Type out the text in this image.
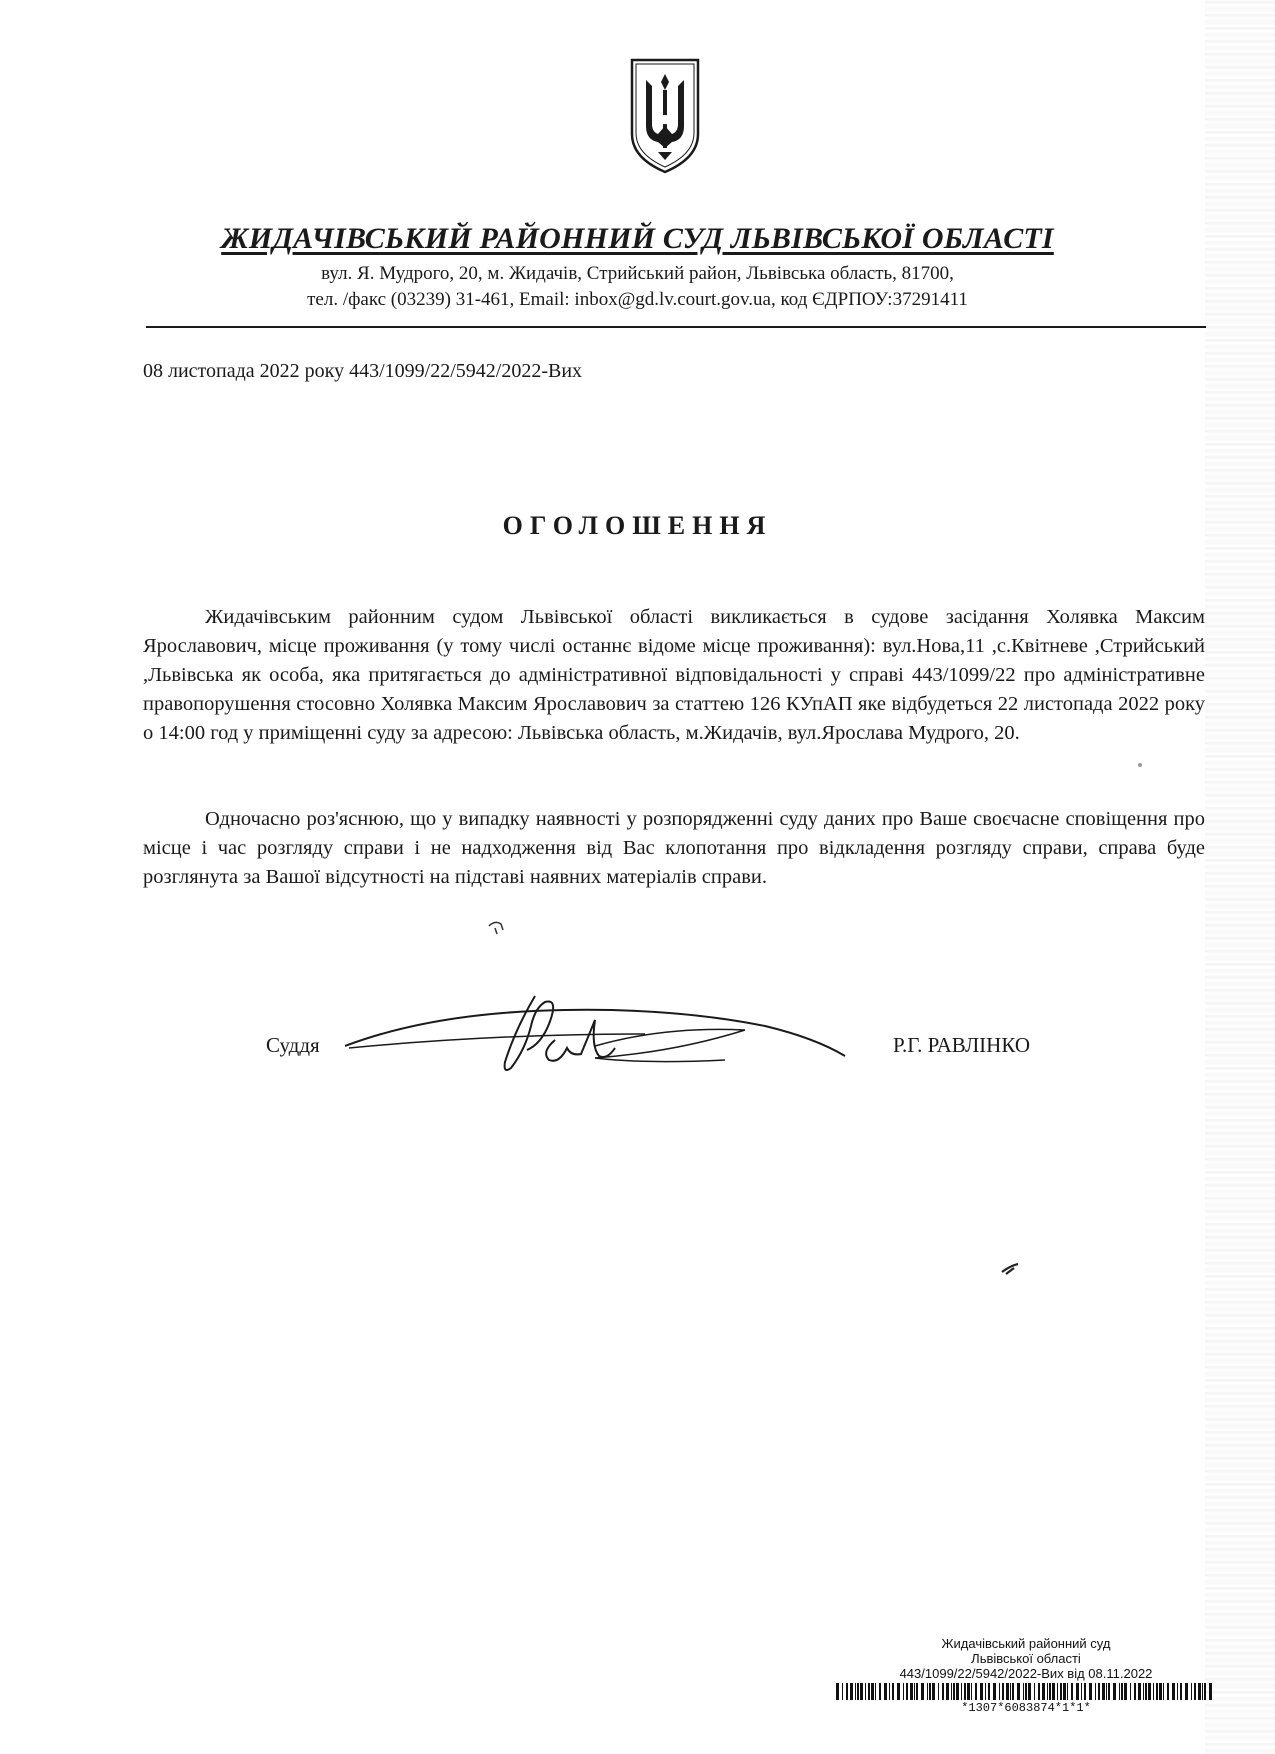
ЖИДАЧІВСЬКИЙ РАЙОННИЙ СУД ЛЬВІВСЬКОЇ ОБЛАСТІ
вул. Я. Мудрого, 20, м. Жидачів, Стрийський район, Львівська область, 81700,
тел. /факс (03239) 31-461, Email: inbox@gd.lv.court.gov.ua, код ЄДРПОУ:37291411
08 листопада 2022 року 443/1099/22/5942/2022-Вих
ОГОЛОШЕННЯ

Жидачівським районним судом Львівської області викликається в судове засідання Холявка Максим Ярославович, місце проживання (у тому числі останнє відоме місце проживання): вул.Нова,11 ,с.Квітневе ,Стрийський ,Львівська як особа, яка притягається до адміністративної відповідальності у справі 443/1099/22 про адміністративне правопорушення стосовно Холявка Максим Ярославович за статтею 126 КУпАП яке відбудеться 22 листопада 2022 року о 14:00 год у приміщенні суду за адресою: Львівська область, м.Жидачів, вул.Ярослава Мудрого, 20.

Одночасно роз'яснюю, що у випадку наявності у розпорядженні суду даних про Ваше своєчасне сповіщення про місце і час розгляду справи і не надходження від Вас клопотання про відкладення розгляду справи, справа буде розглянута за Вашої відсутності на підставі наявних матеріалів справи.

Суддя	Р.Г. РАВЛІНКО
Жидачівський районний суд
Львівської області
443/1099/22/5942/2022-Вих від 08.11.2022
*1307*6083874*1*1*
